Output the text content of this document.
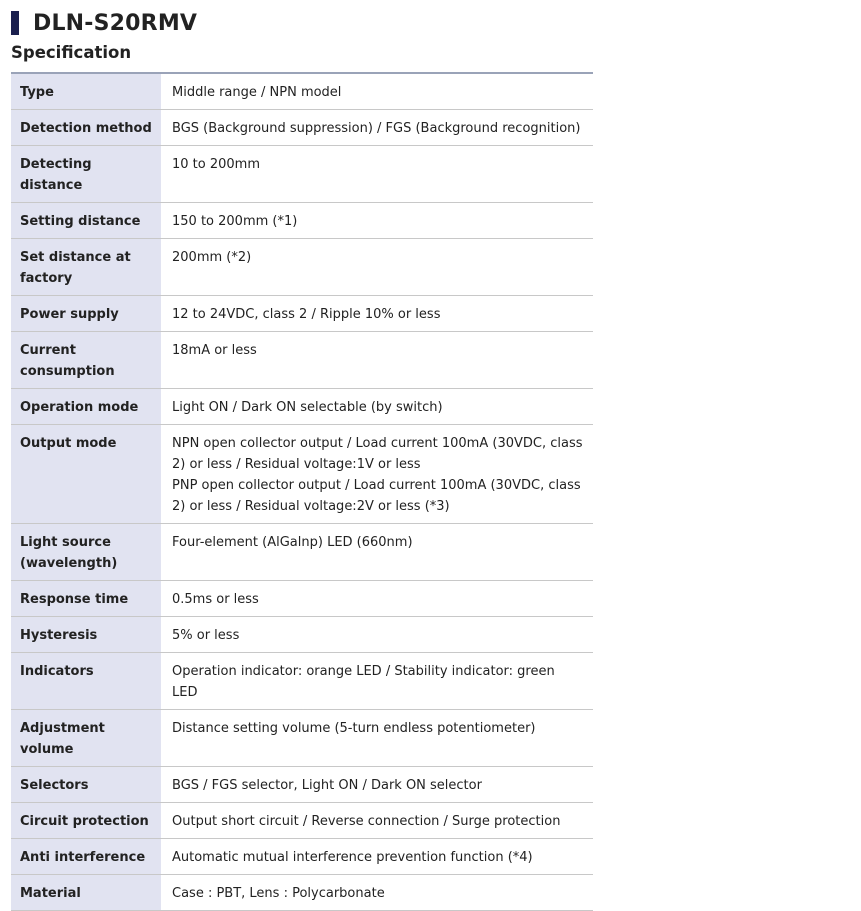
DLN-S20RMV
Specification
Type	Middle range / NPN model
Detection method	BGS (Background suppression) / FGS (Background recognition)
Detecting distance	10 to 200mm
Setting distance	150 to 200mm (*1)
Set distance at factory	200mm (*2)
Power supply	12 to 24VDC, class 2 / Ripple 10% or less
Current consumption	18mA or less
Operation mode	Light ON / Dark ON selectable (by switch)
Output mode	NPN open collector output / Load current 100mA (30VDC, class 2) or less / Residual voltage:1V or less
PNP open collector output / Load current 100mA (30VDC, class 2) or less / Residual voltage:2V or less (*3)
Light source (wavelength)	Four-element (AlGalnp) LED (660nm)
Response time	0.5ms or less
Hysteresis	5% or less
Indicators	Operation indicator: orange LED / Stability indicator: green LED
Adjustment volume	Distance setting volume (5-turn endless potentiometer)
Selectors	BGS / FGS selector, Light ON / Dark ON selector
Circuit protection	Output short circuit / Reverse connection / Surge protection
Anti interference	Automatic mutual interference prevention function (*4)
Material	Case : PBT, Lens : Polycarbonate
